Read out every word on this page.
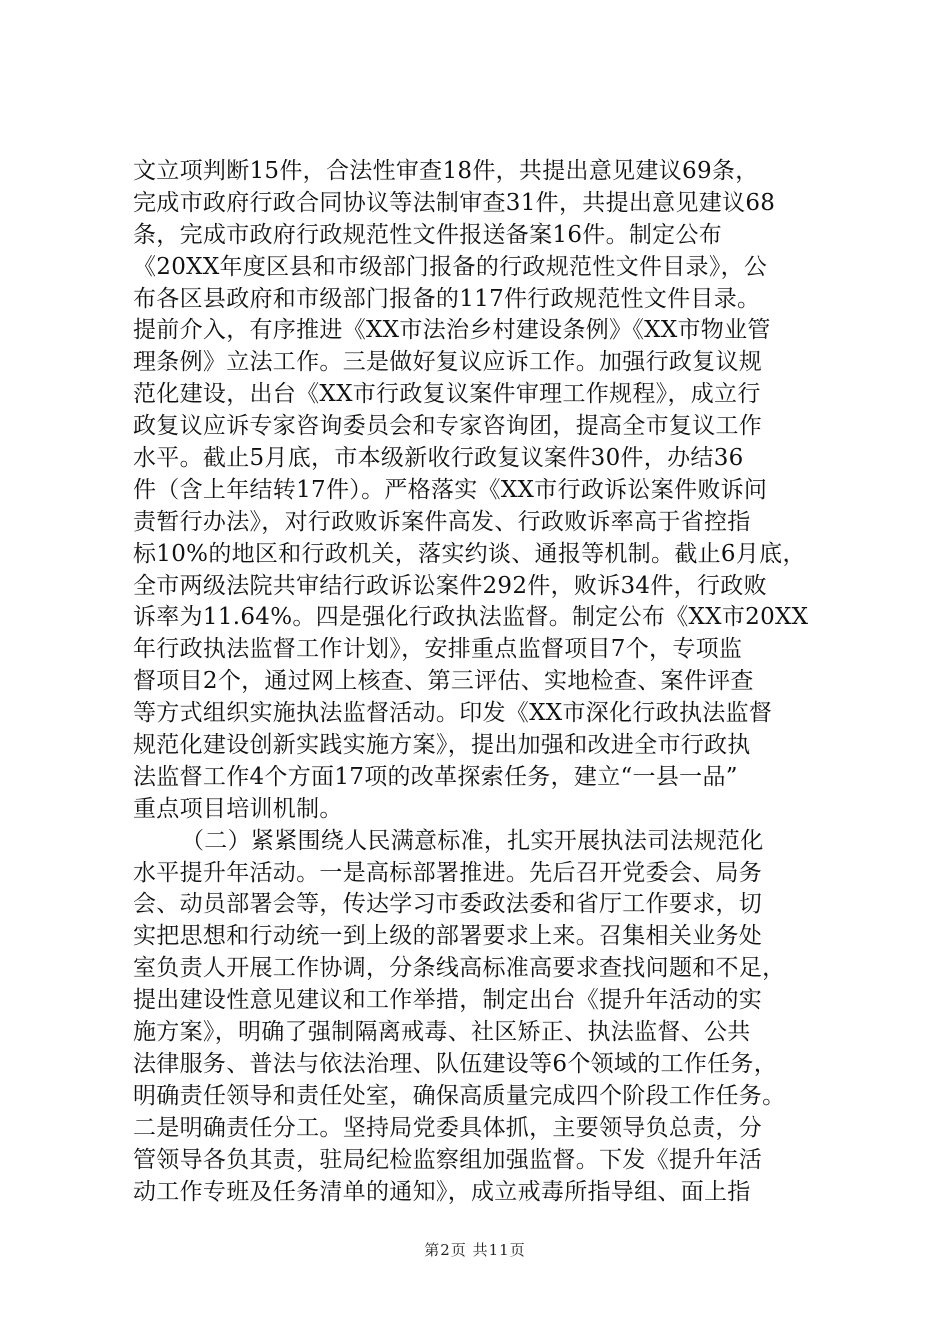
文立项判断15件，合法性审查18件，共提出意见建议69条，
完成市政府行政合同协议等法制审查31件，共提出意见建议68
条，完成市政府行政规范性文件报送备案16件。制定公布
《20XX年度区县和市级部门报备的行政规范性文件目录》，公
布各区县政府和市级部门报备的117件行政规范性文件目录。
提前介入，有序推进《XX市法治乡村建设条例》《XX市物业管
理条例》立法工作。三是做好复议应诉工作。加强行政复议规
范化建设，出台《XX市行政复议案件审理工作规程》，成立行
政复议应诉专家咨询委员会和专家咨询团，提高全市复议工作
水平。截止5月底，市本级新收行政复议案件30件，办结36
件（含上年结转17件）。严格落实《XX市行政诉讼案件败诉问
责暂行办法》，对行政败诉案件高发、行政败诉率高于省控指
标10%的地区和行政机关，落实约谈、通报等机制。截止6月底，
全市两级法院共审结行政诉讼案件292件，败诉34件，行政败
诉率为11.64%。四是强化行政执法监督。制定公布《XX市20XX
年行政执法监督工作计划》，安排重点监督项目7个，专项监
督项目2个，通过网上核查、第三评估、实地检查、案件评查
等方式组织实施执法监督活动。印发《XX市深化行政执法监督
规范化建设创新实践实施方案》，提出加强和改进全市行政执
法监督工作4个方面17项的改革探索任务，建立“一县一品”
重点项目培训机制。
（二）紧紧围绕人民满意标准，扎实开展执法司法规范化
水平提升年活动。一是高标部署推进。先后召开党委会、局务
会、动员部署会等，传达学习市委政法委和省厅工作要求，切
实把思想和行动统一到上级的部署要求上来。召集相关业务处
室负责人开展工作协调，分条线高标准高要求查找问题和不足，
提出建设性意见建议和工作举措，制定出台《提升年活动的实
施方案》，明确了强制隔离戒毒、社区矫正、执法监督、公共
法律服务、普法与依法治理、队伍建设等6个领域的工作任务，
明确责任领导和责任处室，确保高质量完成四个阶段工作任务。
二是明确责任分工。坚持局党委具体抓，主要领导负总责，分
管领导各负其责，驻局纪检监察组加强监督。下发《提升年活
动工作专班及任务清单的通知》，成立戒毒所指导组、面上指
第2页 共11页
